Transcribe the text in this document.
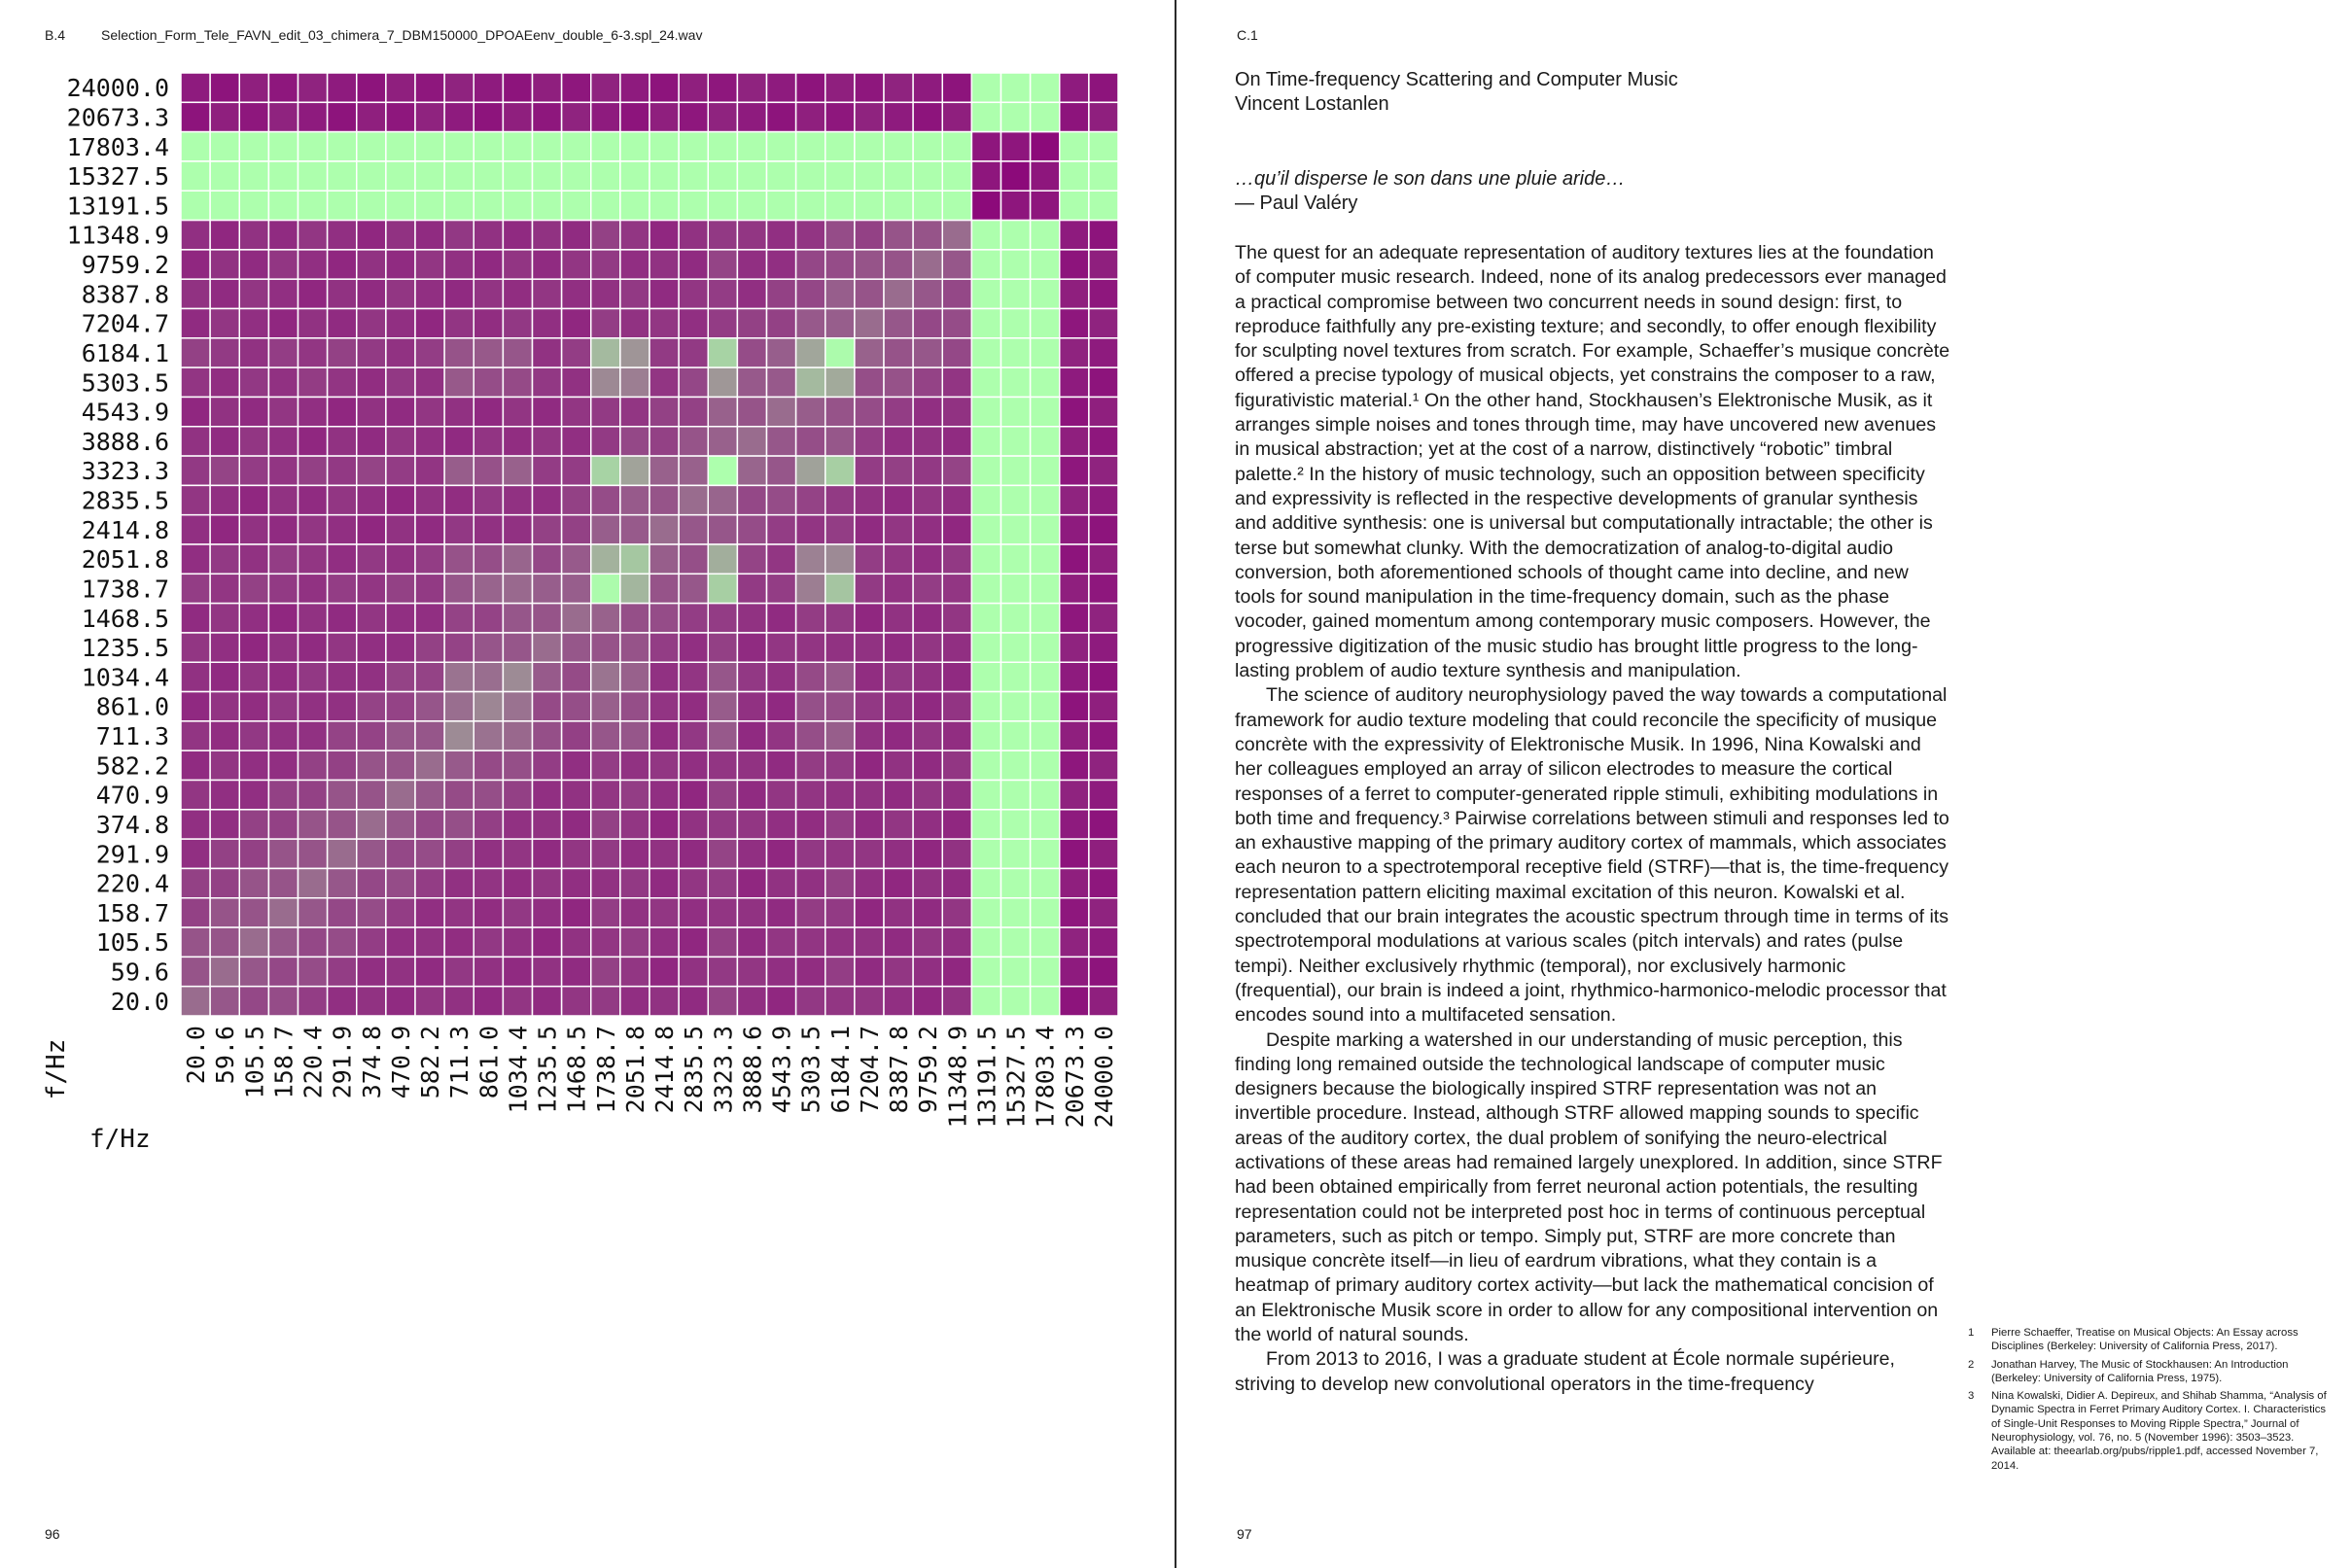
B.4	Selection_Form_Tele_FAVN_edit_03_chimera_7_DBM150000_DPOAEenv_double_6-3.spl_24.wav
24000.0
20673.3
17803.4
15327.5
13191.5
11348.9
9759.2
8387.8
7204.7
6184.1
5303.5
4543.9
3888.6
3323.3
2835.5
2414.8
2051.8
1738.7
1468.5
1235.5
1034.4
861.0
711.3
582.2
470.9
374.8
291.9
220.4
158.7
105.5
59.6
20.0
20.0 59.6 105.5 158.7 220.4 291.9 374.8 470.9 582.2 711.3 861.0 1034.4 1235.5 1468.5 1738.7 2051.8 2414.8 2835.5 3323.3 3888.6 4543.9 5303.5 6184.1 7204.7 8387.8 9759.2 11348.9 13191.5 15327.5 17803.4 20673.3 24000.0
f/Hz
f/Hz
96
C.1
On Time-frequency Scattering and Computer Music
Vincent Lostanlen
…qu’il disperse le son dans une pluie aride…
— Paul Valéry

The quest for an adequate representation of auditory textures lies at the foundation of computer music research. Indeed, none of its analog predecessors ever managed a practical compromise between two concurrent needs in sound design: first, to reproduce faithfully any pre-existing texture; and secondly, to offer enough flexibility for sculpting novel textures from scratch. For example, Schaeffer’s musique concrète offered a precise typology of musical objects, yet constrains the composer to a raw, figurativistic material.¹ On the other hand, Stockhausen’s Elektronische Musik, as it arranges simple noises and tones through time, may have uncovered new avenues in musical abstraction; yet at the cost of a narrow, distinctively “robotic” timbral palette.² In the history of music technology, such an opposition between specificity and expressivity is reflected in the respective developments of granular synthesis and additive synthesis: one is universal but computationally intractable; the other is terse but somewhat clunky. With the democratization of analog-to-digital audio conversion, both aforementioned schools of thought came into decline, and new tools for sound manipulation in the time-frequency domain, such as the phase vocoder, gained momentum among contemporary music composers. However, the progressive digitization of the music studio has brought little progress to the long-lasting problem of audio texture synthesis and manipulation.

The science of auditory neurophysiology paved the way towards a computational framework for audio texture modeling that could reconcile the specificity of musique concrète with the expressivity of Elektronische Musik. In 1996, Nina Kowalski and her colleagues employed an array of silicon electrodes to measure the cortical responses of a ferret to computer-generated ripple stimuli, exhibiting modulations in both time and frequency.³ Pairwise correlations between stimuli and responses led to an exhaustive mapping of the primary auditory cortex of mammals, which associates each neuron to a spectrotemporal receptive field (STRF)—that is, the time-frequency representation pattern eliciting maximal excitation of this neuron. Kowalski et al. concluded that our brain integrates the acoustic spectrum through time in terms of its spectrotemporal modulations at various scales (pitch intervals) and rates (pulse tempi). Neither exclusively rhythmic (temporal), nor exclusively harmonic (frequential), our brain is indeed a joint, rhythmico-harmonico-melodic processor that encodes sound into a multifaceted sensation.

Despite marking a watershed in our understanding of music perception, this finding long remained outside the technological landscape of computer music designers because the biologically inspired STRF representation was not an invertible procedure. Instead, although STRF allowed mapping sounds to specific areas of the auditory cortex, the dual problem of sonifying the neuro-electrical activations of these areas had remained largely unexplored. In addition, since STRF had been obtained empirically from ferret neuronal action potentials, the resulting representation could not be interpreted post hoc in terms of continuous perceptual parameters, such as pitch or tempo. Simply put, STRF are more concrete than musique concrète itself—in lieu of eardrum vibrations, what they contain is a heatmap of primary auditory cortex activity—but lack the mathematical concision of an Elektronische Musik score in order to allow for any compositional intervention on the world of natural sounds.

From 2013 to 2016, I was a graduate student at École normale supérieure, striving to develop new convolutional operators in the time-frequency

1 Pierre Schaeffer, Treatise on Musical Objects: An Essay across Disciplines (Berkeley: University of California Press, 2017).
2 Jonathan Harvey, The Music of Stockhausen: An Introduction (Berkeley: University of California Press, 1975).
3 Nina Kowalski, Didier A. Depireux, and Shihab Shamma, “Analysis of Dynamic Spectra in Ferret Primary Auditory Cortex. I. Characteristics of Single-Unit Responses to Moving Ripple Spectra,” Journal of Neurophysiology, vol. 76, no. 5 (November 1996): 3503–3523. Available at: theearlab.org/pubs/ripple1.pdf, accessed November 7, 2014.
97
